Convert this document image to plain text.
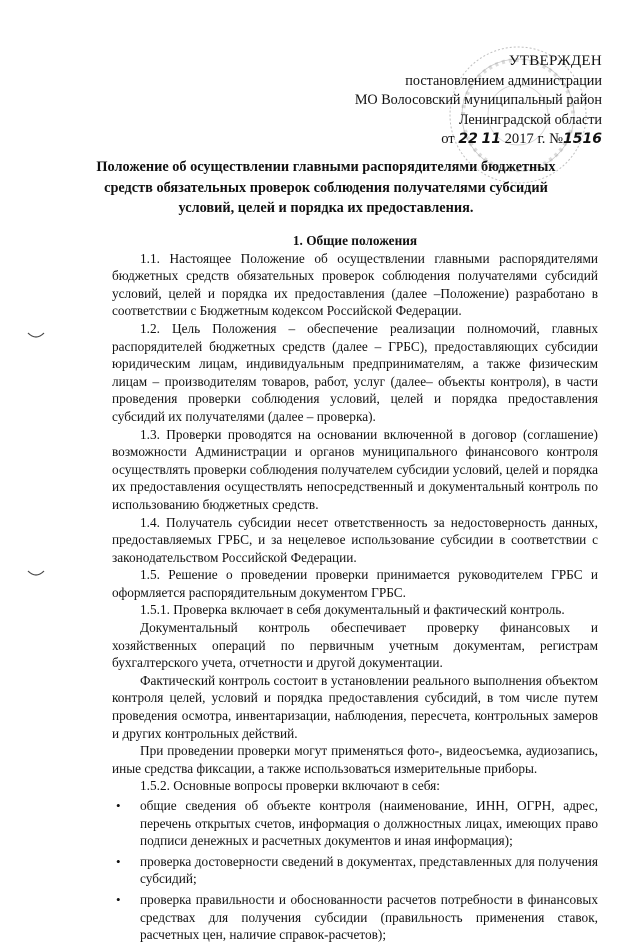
УТВЕРЖДЕН
постановлением администрации
МО Волосовский муниципальный район
Ленинградской области
от 22 11 2017 г. №1516
Положение об осуществлении главными распорядителями бюджетных
средств обязательных проверок соблюдения получателями субсидий
условий, целей и порядка их предоставления.

1. Общие положения

1.1. Настоящее Положение об осуществлении главными распорядителями бюджетных средств обязательных проверок соблюдения получателями субсидий условий, целей и порядка их предоставления (далее –Положение) разработано в соответствии с Бюджетным кодексом Российской Федерации.

1.2. Цель Положения – обеспечение реализации полномочий, главных распорядителей бюджетных средств (далее – ГРБС), предоставляющих субсидии юридическим лицам, индивидуальным предпринимателям, а также физическим лицам – производителям товаров, работ, услуг (далее– объекты контроля), в части проведения проверки соблюдения условий, целей и порядка предоставления субсидий их получателями (далее – проверка).

1.3. Проверки проводятся на основании включенной в договор (соглашение) возможности Администрации и органов муниципального финансового контроля осуществлять проверки соблюдения получателем субсидии условий, целей и порядка их предоставления осуществлять непосредственный и документальный контроль по использованию бюджетных средств.

1.4. Получатель субсидии несет ответственность за недостоверность данных, предоставляемых ГРБС, и за нецелевое использование субсидии в соответствии с законодательством Российской Федерации.

1.5. Решение о проведении проверки принимается руководителем ГРБС и оформляется распорядительным документом ГРБС.

1.5.1. Проверка включает в себя документальный и фактический контроль.

Документальный контроль обеспечивает проверку финансовых и хозяйственных операций по первичным учетным документам, регистрам бухгалтерского учета, отчетности и другой документации.

Фактический контроль состоит в установлении реального выполнения объектом контроля целей, условий и порядка предоставления субсидий, в том числе путем проведения осмотра, инвентаризации, наблюдения, пересчета, контрольных замеров и других контрольных действий.

При проведении проверки могут применяться фото-, видеосъемка, аудиозапись, иные средства фиксации, а также использоваться измерительные приборы.

1.5.2. Основные вопросы проверки включают в себя:

• общие сведения об объекте контроля (наименование, ИНН, ОГРН, адрес, перечень открытых счетов, информация о должностных лицах, имеющих право подписи денежных и расчетных документов и иная информация);
• проверка достоверности сведений в документах, представленных для получения субсидий;
• проверка правильности и обоснованности расчетов потребности в финансовых средствах для получения субсидии (правильность применения ставок, расчетных цен, наличие справок-расчетов);
